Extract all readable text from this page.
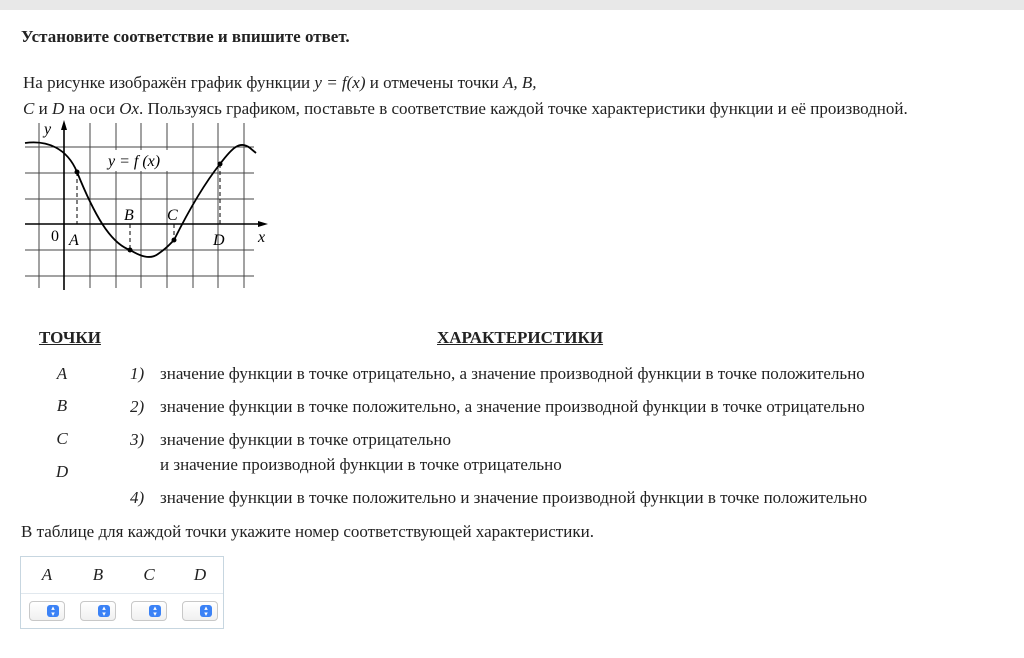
Установите соответствие и впишите ответ.
На рисунке изображён график функции y = f(x) и отмечены точки A, B,
C и D на оси Ox. Пользуясь графиком, поставьте в соответствие каждой точке характеристики функции и её производной.
y
x
y = f (x)
A
B C
D
0
ТОЧКИ	ХАРАКТЕРИСТИКИ
A
B
C
D
1) значение функции в точке отрицательно, а значение производной функции в точке положительно
2) значение функции в точке положительно, а значение производной функции в точке отрицательно
3) значение функции в точке отрицательно
и значение производной функции в точке отрицательно
4) значение функции в точке положительно и значение производной функции в точке положительно
В таблице для каждой точки укажите номер соответствующей характеристики.
A	B	C	D
▴
▾
▴
▾
▴
▾
▴
▾
